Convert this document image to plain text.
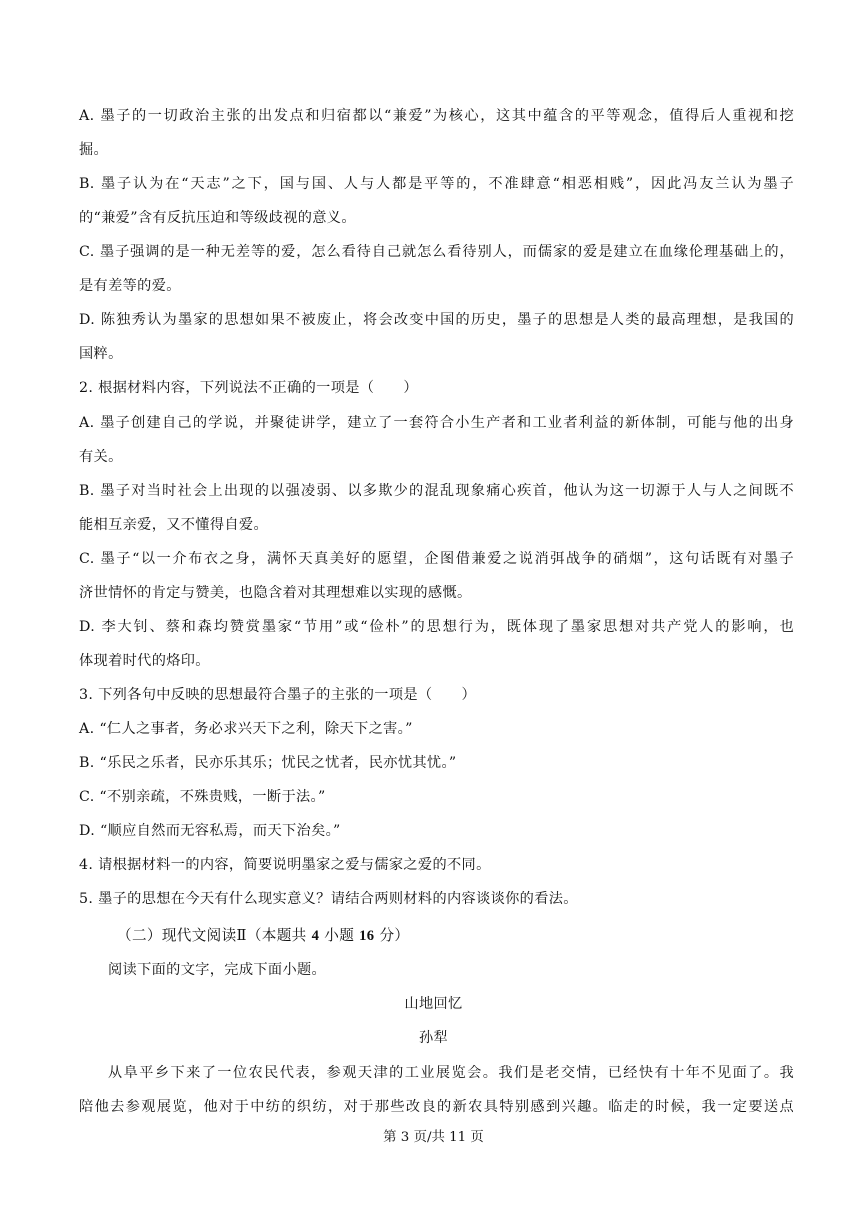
A. 墨子的一切政治主张的出发点和归宿都以“兼爱”为核心，这其中蕴含的平等观念，值得后人重视和挖
掘。
B. 墨子认为在“天志”之下，国与国、人与人都是平等的，不准肆意“相恶相贱”，因此冯友兰认为墨子
的“兼爱”含有反抗压迫和等级歧视的意义。
C. 墨子强调的是一种无差等的爱，怎么看待自己就怎么看待别人，而儒家的爱是建立在血缘伦理基础上的，
是有差等的爱。
D. 陈独秀认为墨家的思想如果不被废止，将会改变中国的历史，墨子的思想是人类的最高理想，是我国的
国粹。
2. 根据材料内容，下列说法不正确的一项是（　　）
A. 墨子创建自己的学说，并聚徒讲学，建立了一套符合小生产者和工业者利益的新体制，可能与他的出身
有关。
B. 墨子对当时社会上出现的以强凌弱、以多欺少的混乱现象痛心疾首，他认为这一切源于人与人之间既不
能相互亲爱，又不懂得自爱。
C. 墨子“以一介布衣之身，满怀天真美好的愿望，企图借兼爱之说消弭战争的硝烟”，这句话既有对墨子
济世情怀的肯定与赞美，也隐含着对其理想难以实现的感慨。
D. 李大钊、蔡和森均赞赏墨家“节用”或“俭朴”的思想行为，既体现了墨家思想对共产党人的影响，也
体现着时代的烙印。
3. 下列各句中反映的思想最符合墨子的主张的一项是（　　）
A. “仁人之事者，务必求兴天下之利，除天下之害。”
B. “乐民之乐者，民亦乐其乐；忧民之忧者，民亦忧其忧。”
C. “不别亲疏，不殊贵贱，一断于法。”
D. “顺应自然而无容私焉，而天下治矣。”
4. 请根据材料一的内容，简要说明墨家之爱与儒家之爱的不同。
5. 墨子的思想在今天有什么现实意义？请结合两则材料的内容谈谈你的看法。
（二）现代文阅读Ⅱ（本题共 4 小题 16 分）
阅读下面的文字，完成下面小题。
山地回忆
孙犁
从阜平乡下来了一位农民代表，参观天津的工业展览会。我们是老交情，已经快有十年不见面了。我
陪他去参观展览，他对于中纺的织纺，对于那些改良的新农具特别感到兴趣。临走的时候，我一定要送点
第 3 页/共 11 页
